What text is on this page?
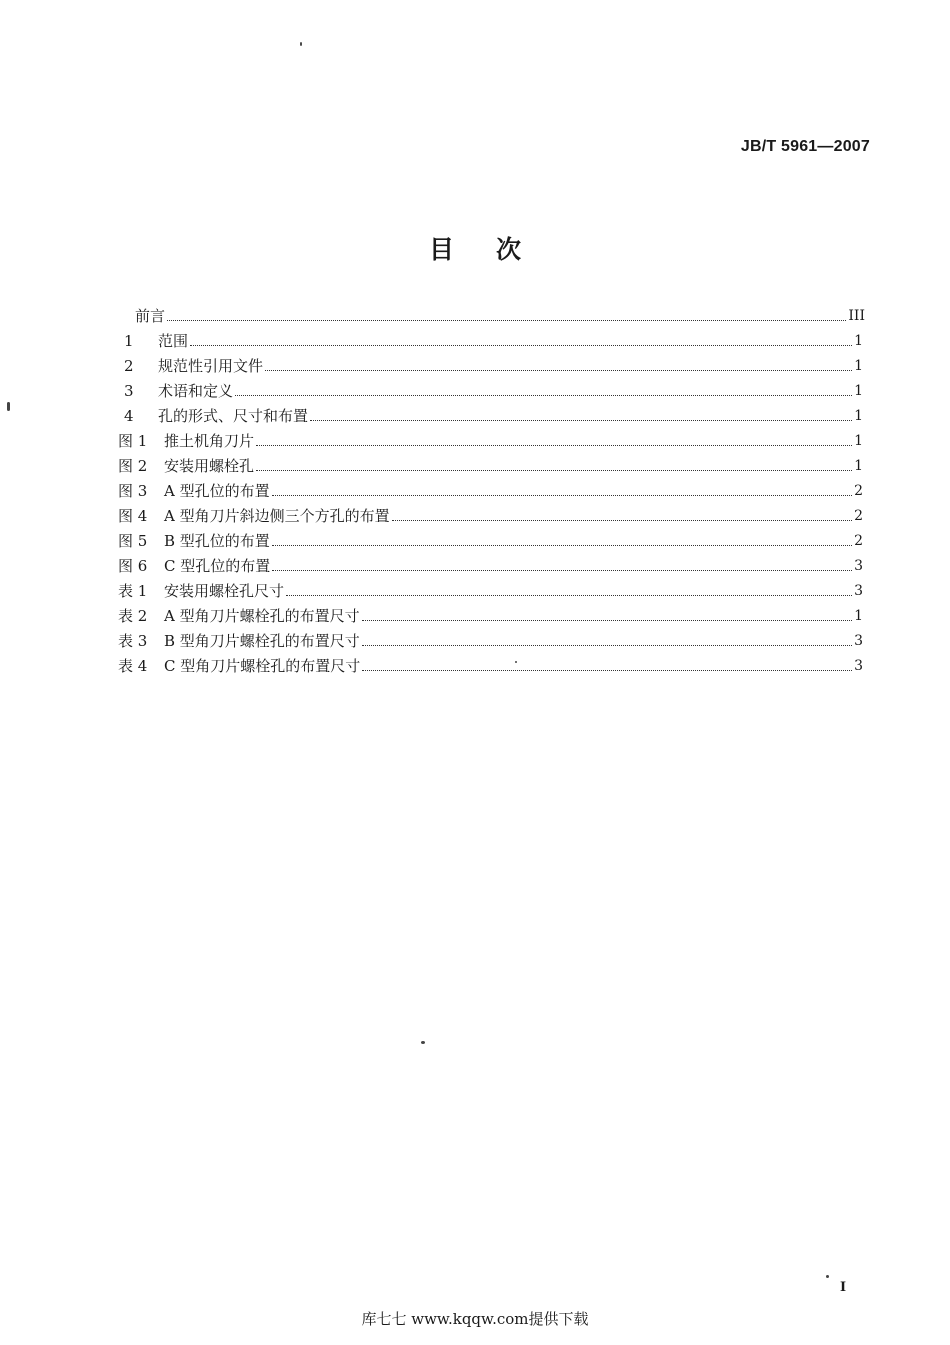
JB/T 5961—2007
目次
前言	III
1	范围	1
2	规范性引用文件	1
3	术语和定义	1
4	孔的形式、尺寸和布置	1
图 1	推土机角刀片	1
图 2	安装用螺栓孔	1
图 3	A 型孔位的布置	2
图 4	A 型角刀片斜边侧三个方孔的布置	2
图 5	B 型孔位的布置	2
图 6	C 型孔位的布置	3
表 1	安装用螺栓孔尺寸	3
表 2	A 型角刀片螺栓孔的布置尺寸	1
表 3	B 型角刀片螺栓孔的布置尺寸	3
表 4	C 型角刀片螺栓孔的布置尺寸	3
I
库七七 www.kqqw.com提供下载
